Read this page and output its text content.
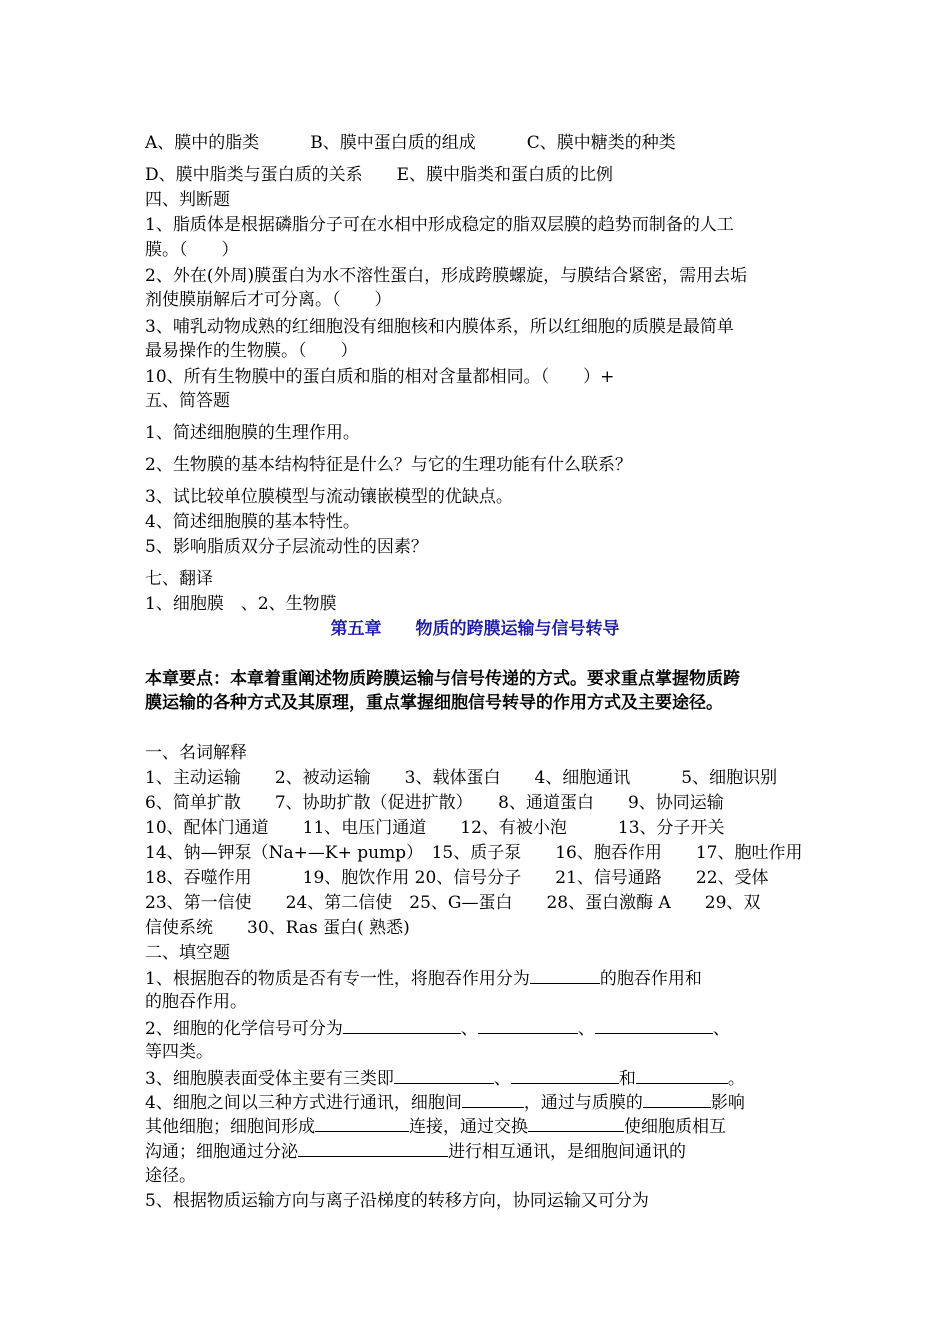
A、膜中的脂类　　　B、膜中蛋白质的组成　　　C、膜中糖类的种类
D、膜中脂类与蛋白质的关系　　E、膜中脂类和蛋白质的比例
四、判断题
1、脂质体是根据磷脂分子可在水相中形成稳定的脂双层膜的趋势而制备的人工
膜。（　　）
2、外在(外周)膜蛋白为水不溶性蛋白，形成跨膜螺旋，与膜结合紧密，需用去垢
剂使膜崩解后才可分离。（　　）
3、哺乳动物成熟的红细胞没有细胞核和内膜体系，所以红细胞的质膜是最简单
最易操作的生物膜。（　　）
10、所有生物膜中的蛋白质和脂的相对含量都相同。（　　）+
五、简答题
1、简述细胞膜的生理作用。
2、生物膜的基本结构特征是什么？与它的生理功能有什么联系？
3、试比较单位膜模型与流动镶嵌模型的优缺点。
4、简述细胞膜的基本特性。
5、影响脂质双分子层流动性的因素？
七、翻译
1、细胞膜　、2、生物膜
第五章　　物质的跨膜运输与信号转导
本章要点：本章着重阐述物质跨膜运输与信号传递的方式。要求重点掌握物质跨
膜运输的各种方式及其原理，重点掌握细胞信号转导的作用方式及主要途径。
一、名词解释
1、主动运输　　2、被动运输　　3、载体蛋白　　4、细胞通讯　　　5、细胞识别
6、简单扩散　　7、协助扩散（促进扩散）　　8、通道蛋白　　9、协同运输
10、配体门通道　　11、电压门通道　　12、有被小泡　　　13、分子开关
14、钠—钾泵（Na+—K+ pump）　15、质子泵　　16、胞吞作用　　17、胞吐作用
18、吞噬作用　　　19、胞饮作用 20、信号分子　　21、信号通路　　22、受体
23、第一信使　　24、第二信使　25、G—蛋白　　28、蛋白激酶 A　　29、双
信使系统　　30、Ras 蛋白( 熟悉)
二、填空题
1、根据胞吞的物质是否有专一性，将胞吞作用分为	的胞吞作用和
的胞吞作用。
2、细胞的化学信号可分为	、	、	、
等四类。
3、细胞膜表面受体主要有三类即	、	和	。
4、细胞之间以三种方式进行通讯，细胞间	，通过与质膜的	影响
其他细胞；细胞间形成	连接，通过交换	使细胞质相互
沟通；细胞通过分泌	进行相互通讯，是细胞间通讯的
途径。
5、根据物质运输方向与离子沿梯度的转移方向，协同运输又可分为
